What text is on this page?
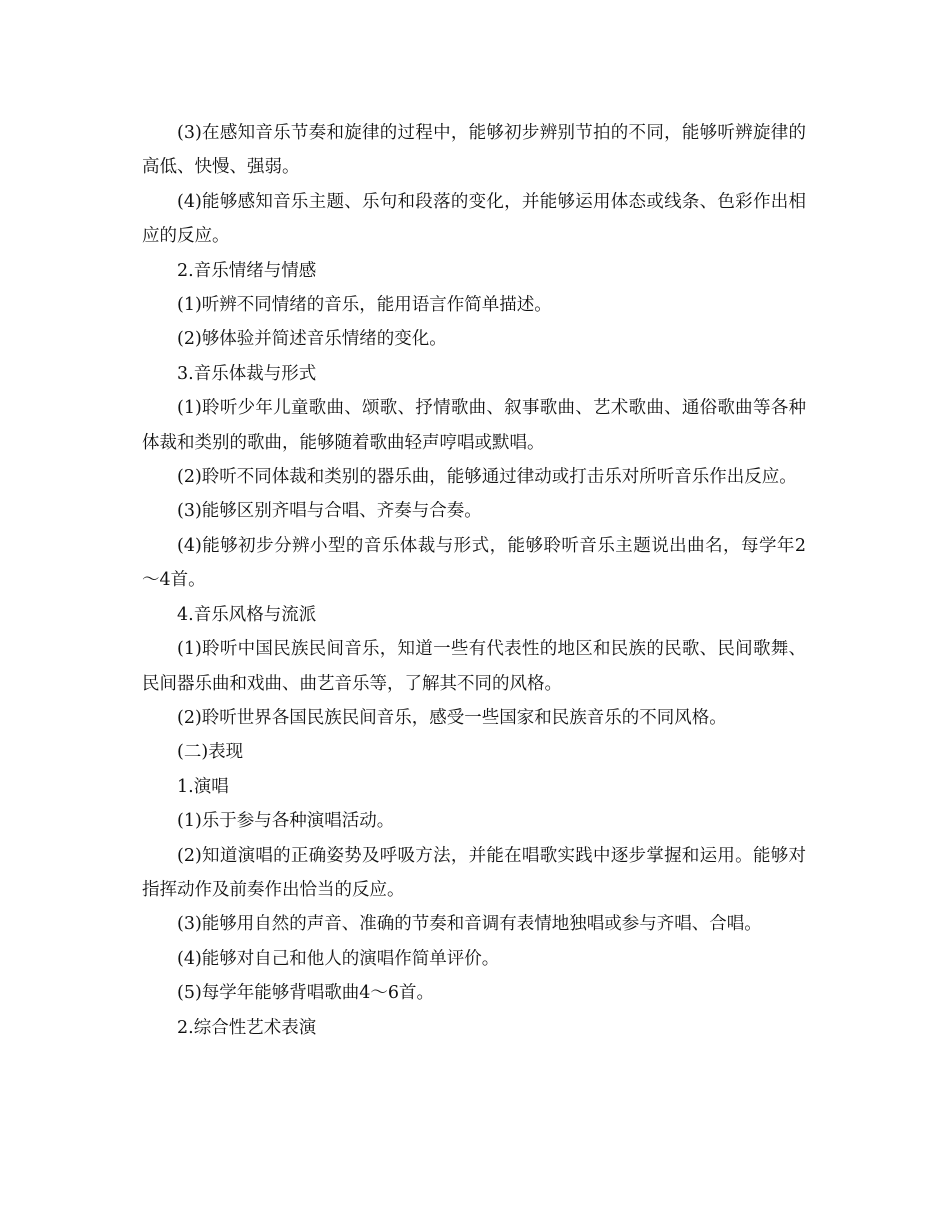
(3)在感知音乐节奏和旋律的过程中，能够初步辨别节拍的不同，能够听辨旋律的高低、快慢、强弱。

(4)能够感知音乐主题、乐句和段落的变化，并能够运用体态或线条、色彩作出相应的反应。

2.音乐情绪与情感

(1)听辨不同情绪的音乐，能用语言作简单描述。

(2)够体验并简述音乐情绪的变化。

3.音乐体裁与形式

(1)聆听少年儿童歌曲、颂歌、抒情歌曲、叙事歌曲、艺术歌曲、通俗歌曲等各种体裁和类别的歌曲，能够随着歌曲轻声哼唱或默唱。

(2)聆听不同体裁和类别的器乐曲，能够通过律动或打击乐对所听音乐作出反应。

(3)能够区别齐唱与合唱、齐奏与合奏。

(4)能够初步分辨小型的音乐体裁与形式，能够聆听音乐主题说出曲名，每学年2～4首。

4.音乐风格与流派

(1)聆听中国民族民间音乐，知道一些有代表性的地区和民族的民歌、民间歌舞、民间器乐曲和戏曲、曲艺音乐等，了解其不同的风格。

(2)聆听世界各国民族民间音乐，感受一些国家和民族音乐的不同风格。

(二)表现

1.演唱

(1)乐于参与各种演唱活动。

(2)知道演唱的正确姿势及呼吸方法，并能在唱歌实践中逐步掌握和运用。能够对指挥动作及前奏作出恰当的反应。

(3)能够用自然的声音、准确的节奏和音调有表情地独唱或参与齐唱、合唱。

(4)能够对自己和他人的演唱作简单评价。

(5)每学年能够背唱歌曲4～6首。

2.综合性艺术表演
